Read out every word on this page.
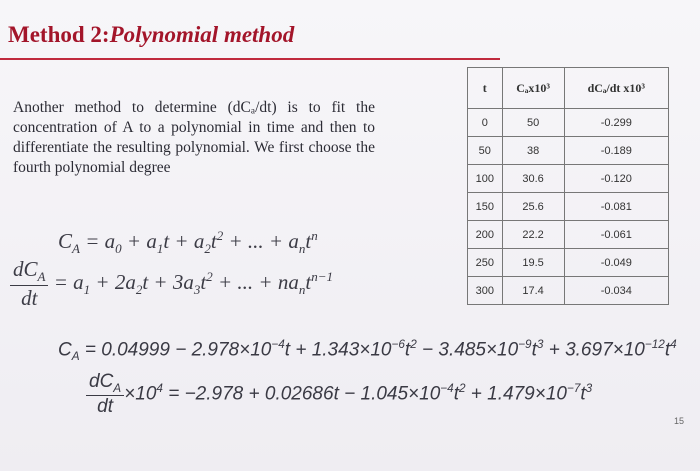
Method 2:Polynomial method
Another method to determine (dCₐ/dt) is to fit the concentration of A to a polynomial in time and then to differentiate the resulting polynomial. We first choose the fourth polynomial degree
$C_A = a_0 + a_1t + a_2t^2$ + ... + $a_nt^n$
$\frac{dC_A}{dt} = a_1 + 2a_2t + 3a_3t^2$ + ... + $na_nt^{n-1}$
t	Cₐx10³	dCₐ/dt x10³
0	50	-0.299
50	38	-0.189
100	30.6	-0.120
150	25.6	-0.081
200	22.2	-0.061
250	19.5	-0.049
300	17.4	-0.034
$C_A = 0.04999 - 2.978\times 10^{-4}t + 1.343\times 10^{-6}t^2 - 3.485\times 10^{-9}t^3 + 3.697\times 10^{-12}t^4$
$\frac{dC_A}{dt} \times 10^4 = -2.978 + 0.02686t - 1.045\times 10^{-4}t^2 + 1.479\times 10^{-7}t^3$
15
